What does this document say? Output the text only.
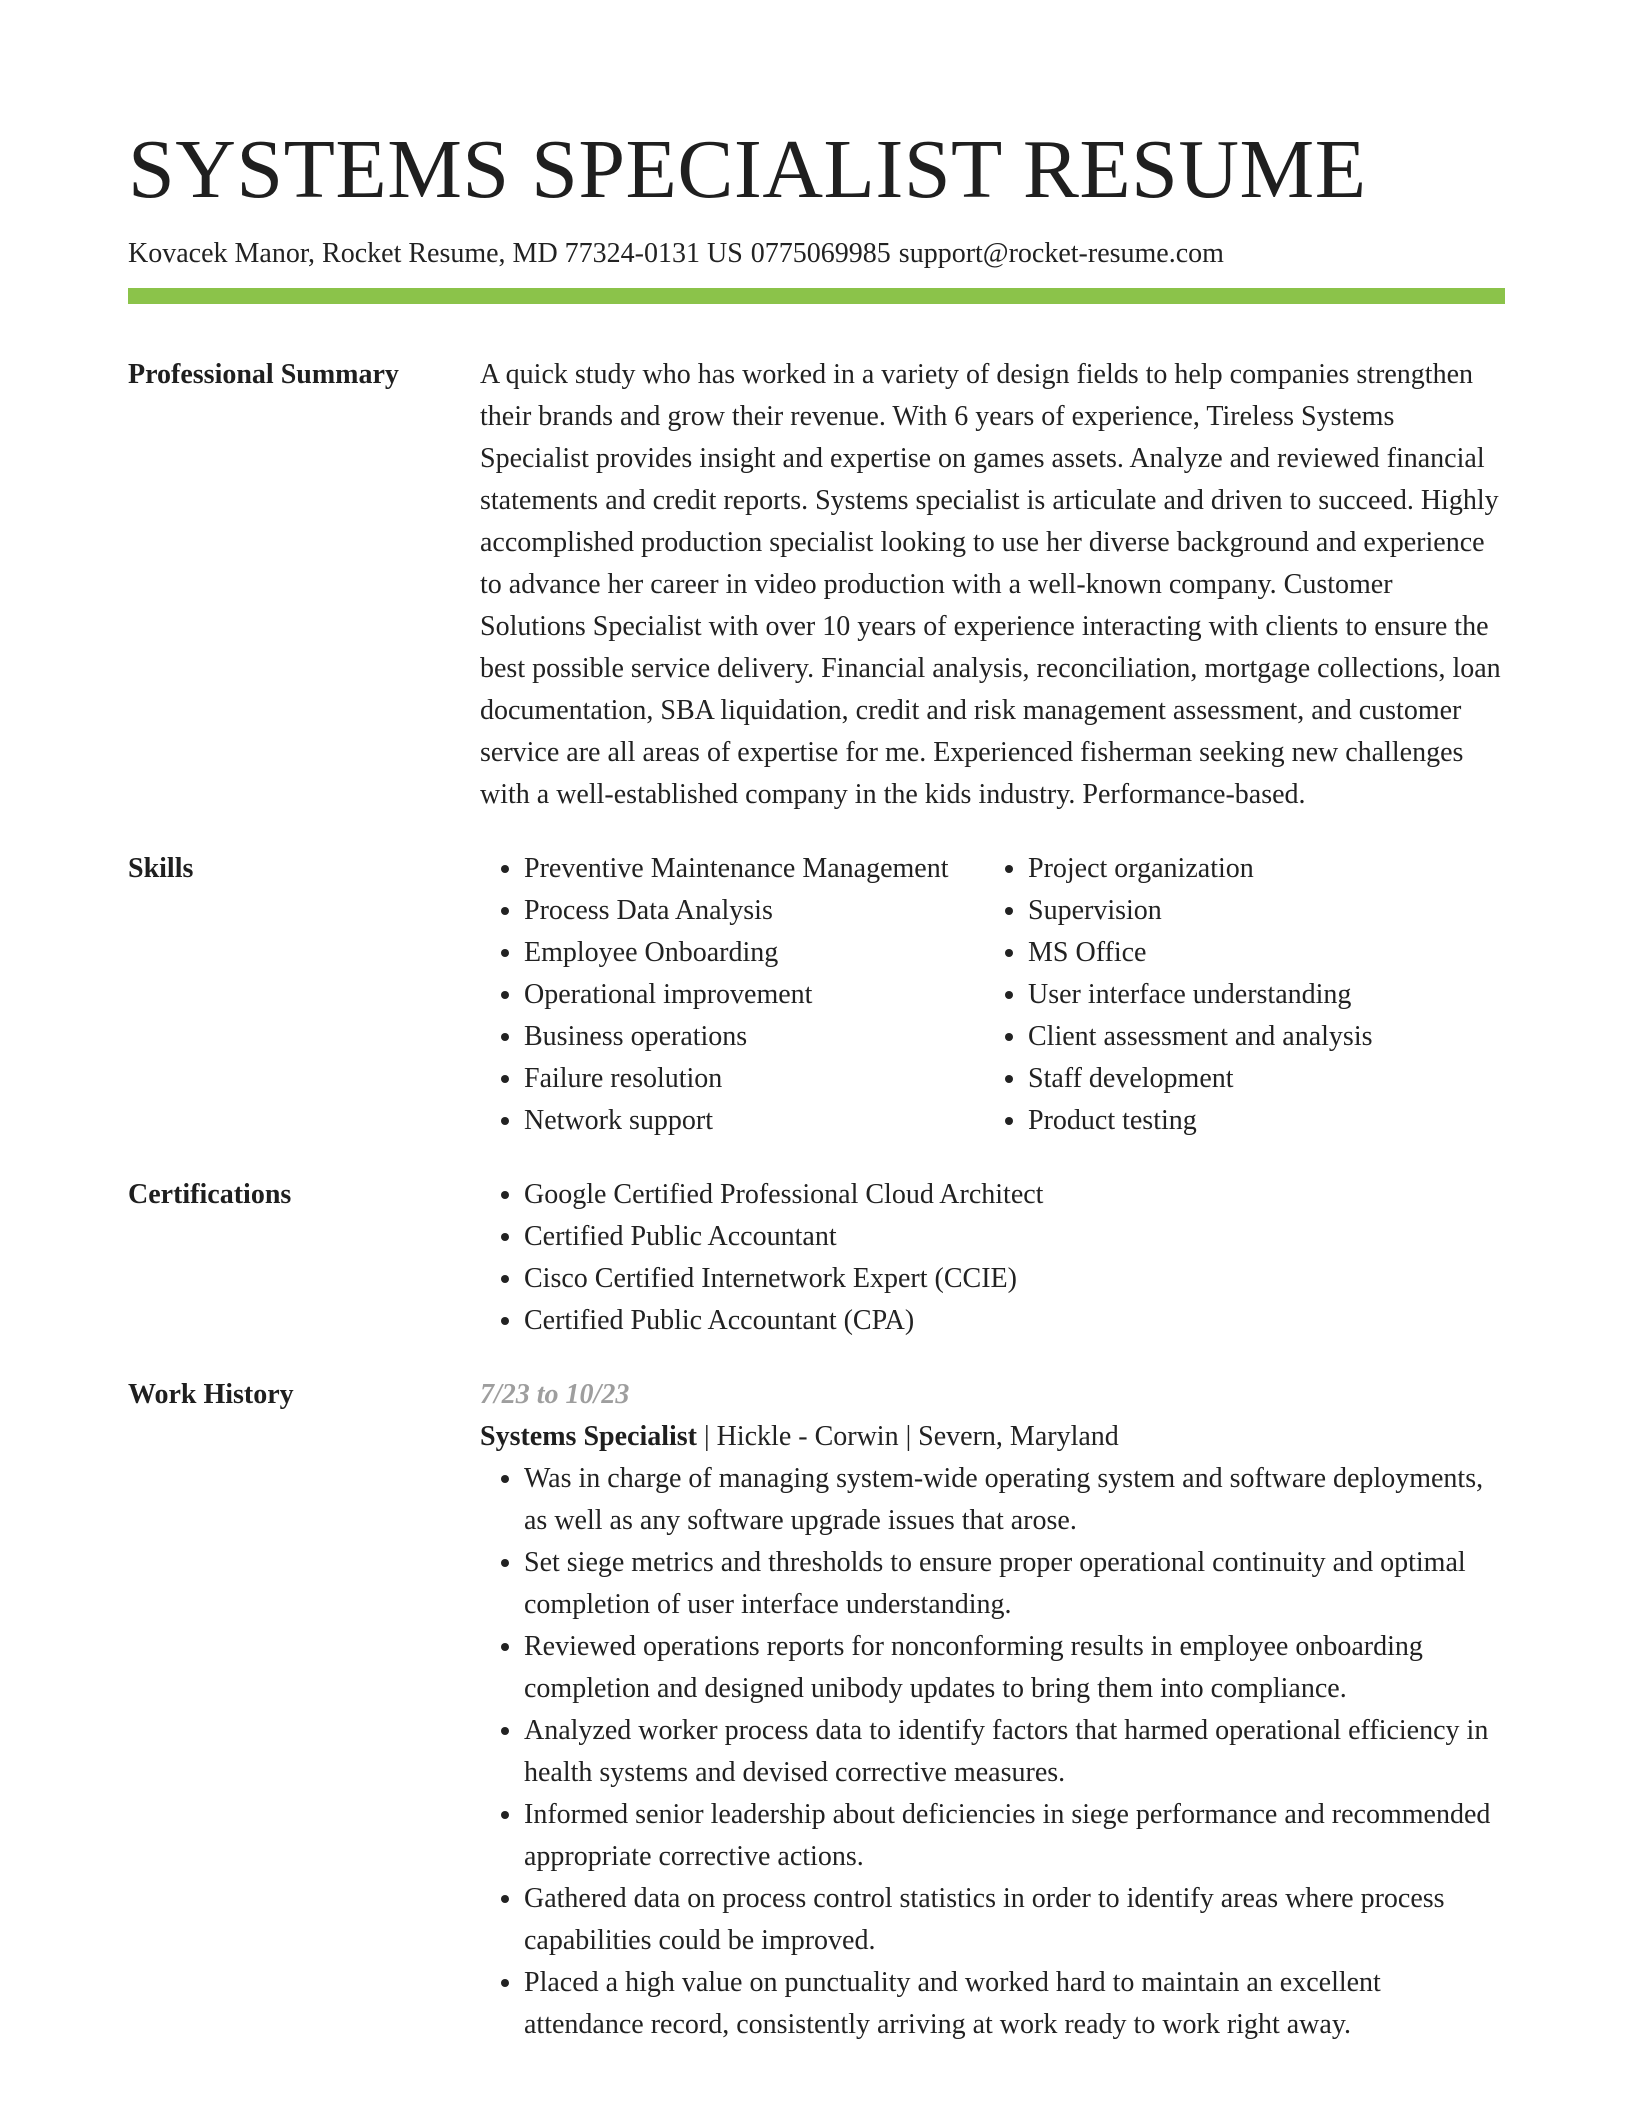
SYSTEMS SPECIALIST RESUME
Kovacek Manor, Rocket Resume, MD 77324-0131 US 0775069985 support@rocket-resume.com
Professional Summary	A quick study who has worked in a variety of design fields to help companies strengthen their brands and grow their revenue. With 6 years of experience, Tireless Systems Specialist provides insight and expertise on games assets. Analyze and reviewed financial statements and credit reports. Systems specialist is articulate and driven to succeed. Highly accomplished production specialist looking to use her diverse background and experience to advance her career in video production with a well-known company. Customer Solutions Specialist with over 10 years of experience interacting with clients to ensure the best possible service delivery. Financial analysis, reconciliation, mortgage collections, loan documentation, SBA liquidation, credit and risk management assessment, and customer service are all areas of expertise for me. Experienced fisherman seeking new challenges with a well-established company in the kids industry. Performance-based.

Skills	• Preventive Maintenance Management
• Process Data Analysis
• Employee Onboarding
• Operational improvement
• Business operations
• Failure resolution
• Network support
• Project organization
• Supervision
• MS Office
• User interface understanding
• Client assessment and analysis
• Staff development
• Product testing
Certifications	• Google Certified Professional Cloud Architect
• Certified Public Accountant
• Cisco Certified Internetwork Expert (CCIE)
• Certified Public Accountant (CPA)
Work History	7/23 to 10/23
Systems Specialist | Hickle - Corwin | Severn, Maryland
• Was in charge of managing system-wide operating system and software deployments, as well as any software upgrade issues that arose.
• Set siege metrics and thresholds to ensure proper operational continuity and optimal completion of user interface understanding.
• Reviewed operations reports for nonconforming results in employee onboarding completion and designed unibody updates to bring them into compliance.
• Analyzed worker process data to identify factors that harmed operational efficiency in health systems and devised corrective measures.
• Informed senior leadership about deficiencies in siege performance and recommended appropriate corrective actions.
• Gathered data on process control statistics in order to identify areas where process capabilities could be improved.
• Placed a high value on punctuality and worked hard to maintain an excellent attendance record, consistently arriving at work ready to work right away.
